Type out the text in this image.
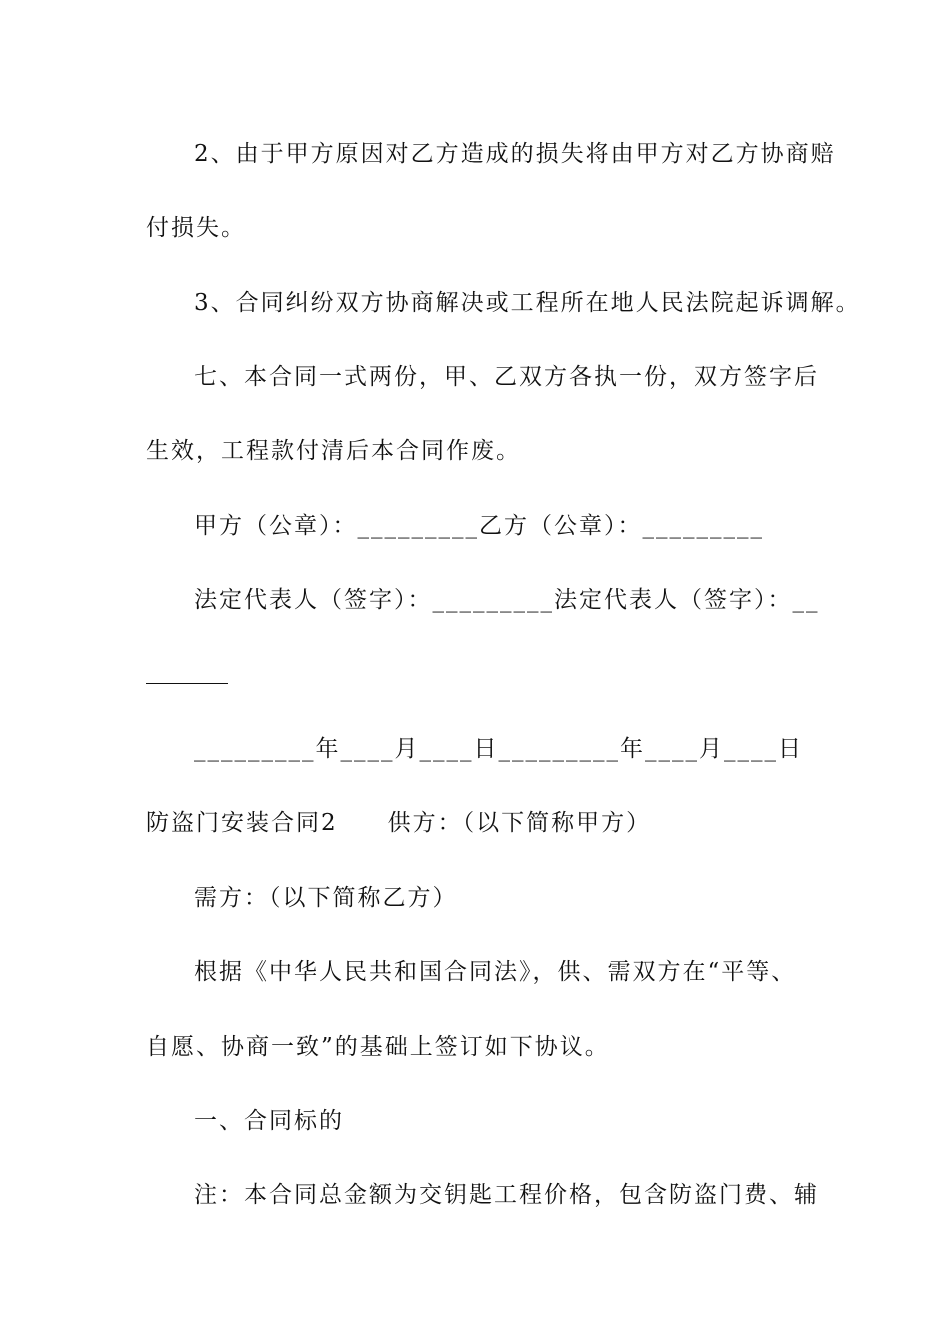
2、由于甲方原因对乙方造成的损失将由甲方对乙方协商赔
付损失。
3、合同纠纷双方协商解决或工程所在地人民法院起诉调解。
七、本合同一式两份，甲、乙双方各执一份，双方签字后
生效，工程款付清后本合同作废。
甲方（公章）：_________乙方（公章）：_________
法定代表人（签字）：_________法定代表人（签字）：__
_________年____月____日_________年____月____日
防盗门安装合同2　　供方：（以下简称甲方）
需方：（以下简称乙方）
根据《中华人民共和国合同法》，供、需双方在“平等、
自愿、协商一致”的基础上签订如下协议。
一、合同标的
注：本合同总金额为交钥匙工程价格，包含防盗门费、辅
